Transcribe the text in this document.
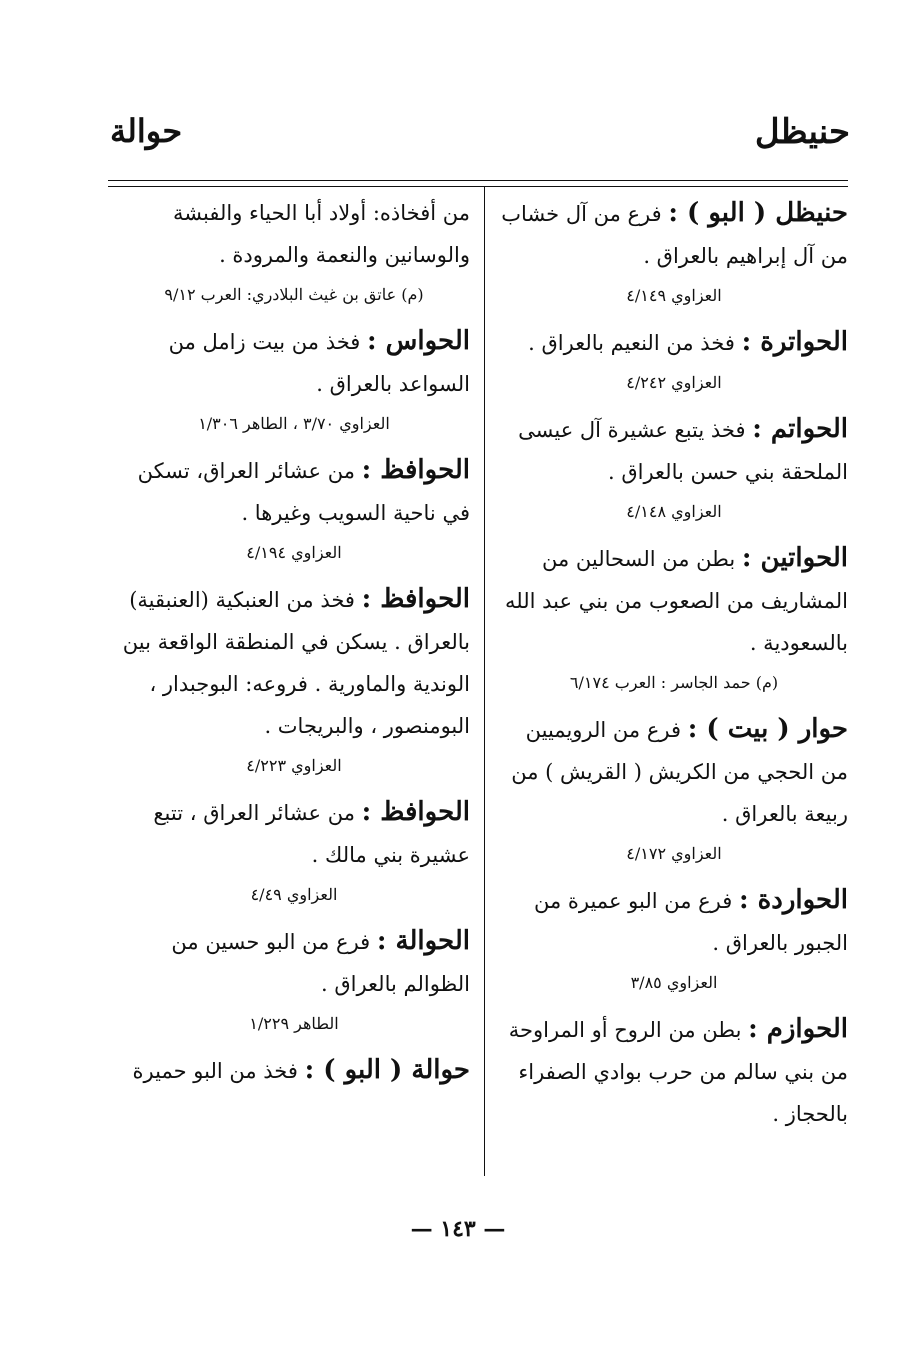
حنيظل
حوالة

حنيظل ( البو ) : فرع من آل خشاب من آل إبراهيم بالعراق .

العزاوي ٤/١٤٩

الحواترة : فخذ من النعيم بالعراق .

العزاوي ٤/٢٤٢

الحواتم : فخذ يتبع عشيرة آل عيسى الملحقة بني حسن بالعراق .

العزاوي ٤/١٤٨

الحواتين : بطن من السحالين من المشاريف من الصعوب من بني عبد الله بالسعودية .

(م) حمد الجاسر : العرب ٦/١٧٤

حوار ( بيت ) : فرع من الرويميين من الحجي من الكريش ( القريش ) من ربيعة بالعراق .

العزاوي ٤/١٧٢

الحواردة : فرع من البو عميرة من الجبور بالعراق .

العزاوي ٣/٨٥

الحوازم : بطن من الروح أو المراوحة من بني سالم من حرب بوادي الصفراء بالحجاز .

من أفخاذه: أولاد أبا الحياء والفبشة والوسانين والنعمة والمرودة .

(م) عاتق بن غيث البلادري: العرب ٩/١٢

الحواس : فخذ من بيت زامل من السواعد بالعراق .

العزاوي ٣/٧٠ ، الطاهر ١/٣٠٦

الحوافظ : من عشائر العراق، تسكن في ناحية السويب وغيرها .

العزاوي ٤/١٩٤

الحوافظ : فخذ من العنبكية (العنبقية) بالعراق . يسكن في المنطقة الواقعة بين الوندية والماورية . فروعه: البوجبدار ، البومنصور ، والبريجات .

العزاوي ٤/٢٢٣

الحوافظ : من عشائر العراق ، تتبع عشيرة بني مالك .

العزاوي ٤/٤٩

الحوالة : فرع من البو حسين من الظوالم بالعراق .

الطاهر ١/٢٢٩

حوالة ( البو ) : فخذ من البو حميرة

— ١٤٣ —
